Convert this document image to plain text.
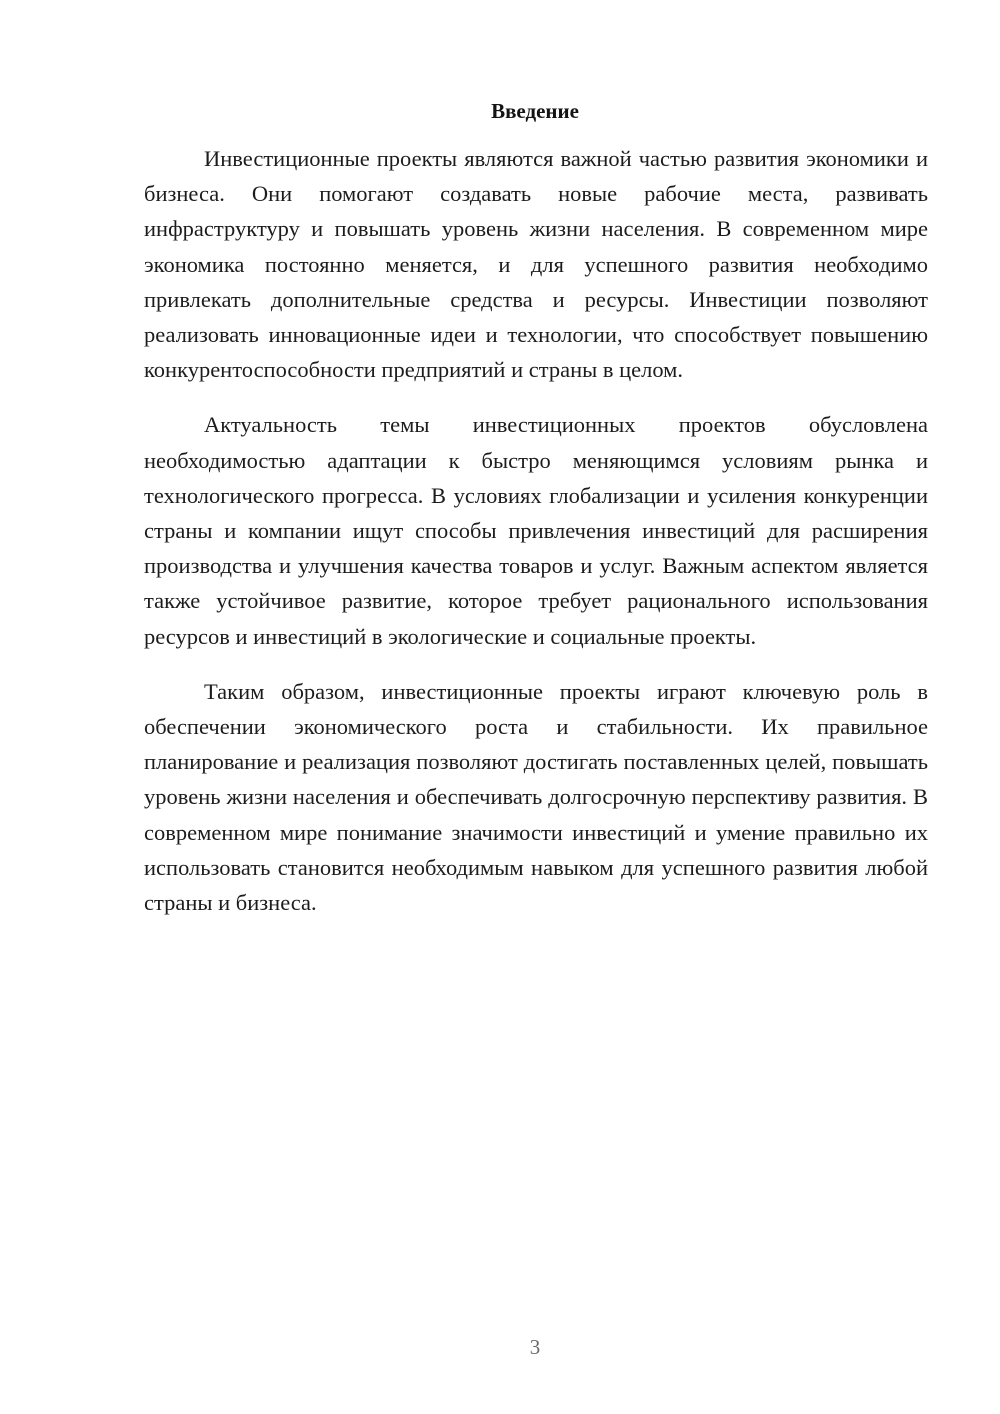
Введение

Инвестиционные проекты являются важной частью развития экономики и бизнеса. Они помогают создавать новые рабочие места, развивать инфраструктуру и повышать уровень жизни населения. В современном мире экономика постоянно меняется, и для успешного развития необходимо привлекать дополнительные средства и ресурсы. Инвестиции позволяют реализовать инновационные идеи и технологии, что способствует повышению конкурентоспособности предприятий и страны в целом.

Актуальность темы инвестиционных проектов обусловлена необходимостью адаптации к быстро меняющимся условиям рынка и технологического прогресса. В условиях глобализации и усиления конкуренции страны и компании ищут способы привлечения инвестиций для расширения производства и улучшения качества товаров и услуг. Важным аспектом является также устойчивое развитие, которое требует рационального использования ресурсов и инвестиций в экологические и социальные проекты.

Таким образом, инвестиционные проекты играют ключевую роль в обеспечении экономического роста и стабильности. Их правильное планирование и реализация позволяют достигать поставленных целей, повышать уровень жизни населения и обеспечивать долгосрочную перспективу развития. В современном мире понимание значимости инвестиций и умение правильно их использовать становится необходимым навыком для успешного развития любой страны и бизнеса.

3
